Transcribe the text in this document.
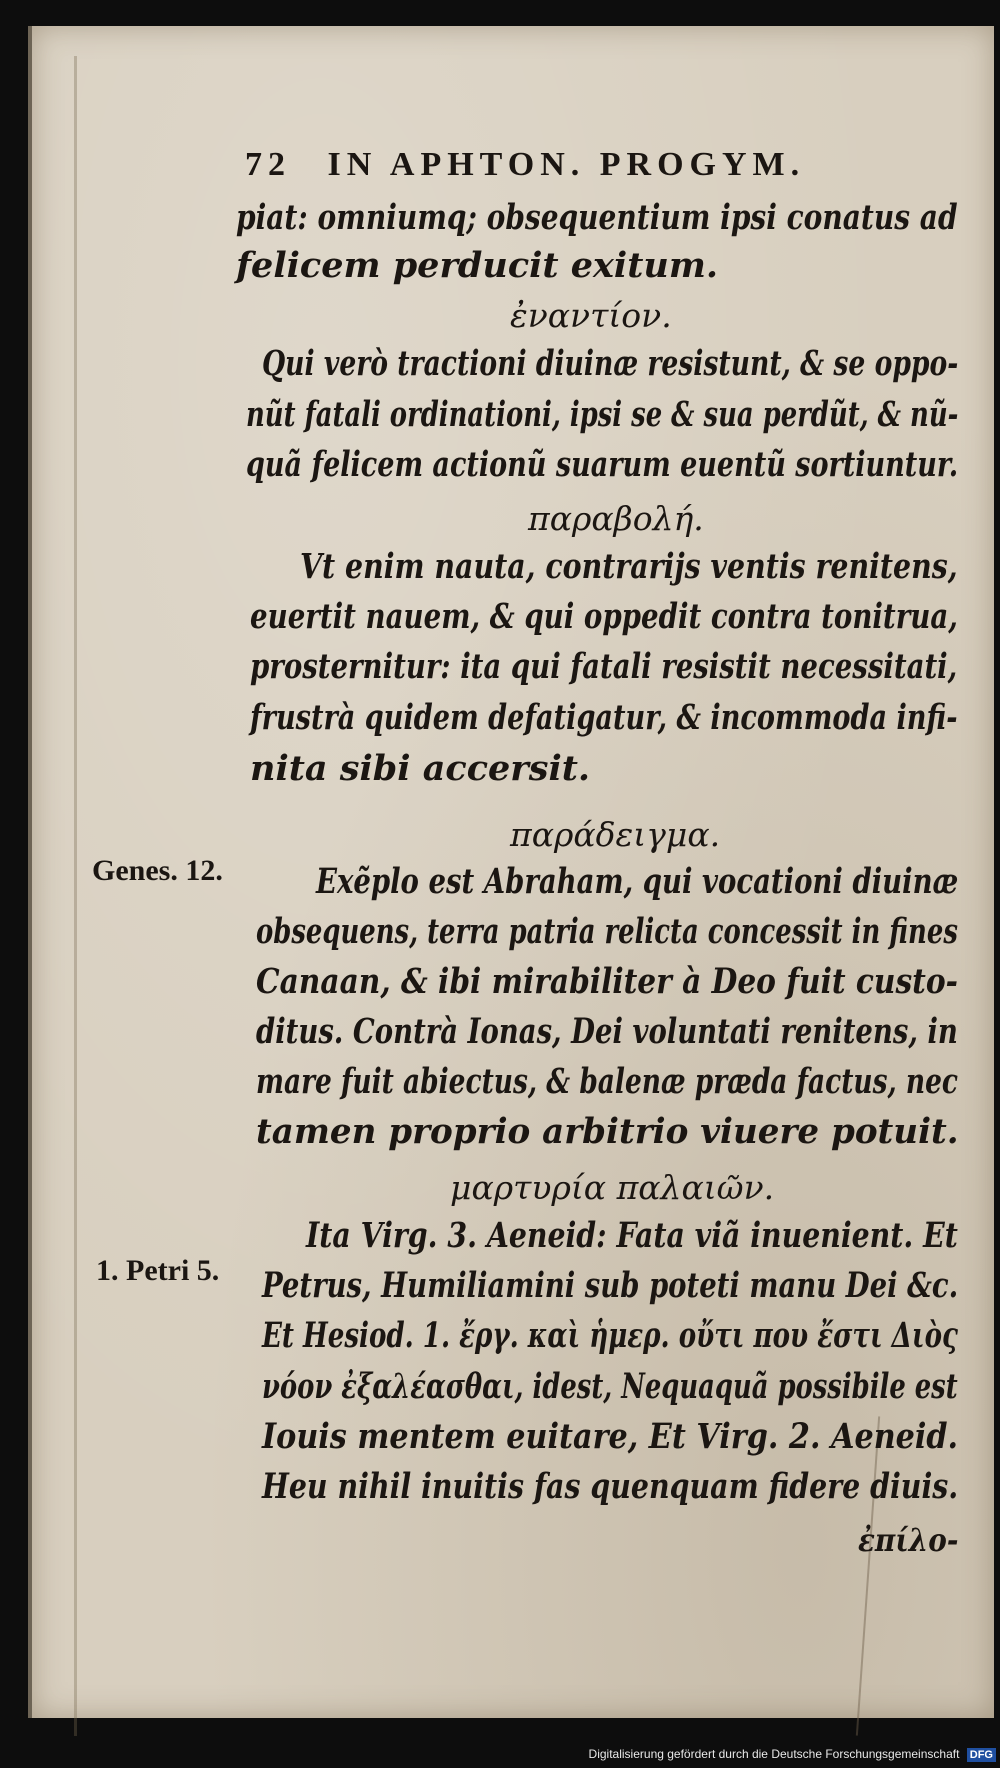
72 IN APHTON. PROGYM.
piat: omniumq; obsequentium ipsi conatus ad
felicem perducit exitum.
ἐναντίον.
Qui verò tractioni diuinæ resistunt, & se oppo-
nũt fatali ordinationi, ipsi se & sua perdũt, & nũ-
quã felicem actionũ suarum euentũ sortiuntur.
παραβολή.
Vt enim nauta, contrarijs ventis renitens,
euertit nauem, & qui oppedit contra tonitrua,
prosternitur: ita qui fatali resistit necessitati,
frustrà quidem defatigatur, & incommoda infi-
nita sibi accersit.
παράδειγμα.
Genes. 12.	Exẽplo est Abraham, qui vocationi diuinæ
obsequens, terra patria relicta concessit in fines
Canaan, & ibi mirabiliter à Deo fuit custo-
ditus. Contrà Ionas, Dei voluntati renitens, in
mare fuit abiectus, & balenæ præda factus, nec
tamen proprio arbitrio viuere potuit.
μαρτυρία παλαιῶν.
Ita Virg. 3. Aeneid: Fata viã inuenient. Et
1. Petri 5. Petrus, Humiliamini sub poteti manu Dei &c.
Et Hesiod. 1. ἔργ. καὶ ἡμερ. οὔτι που ἔστι Διὸς
νόον ἐξαλέασθαι, idest, Nequaquã possibile est
Iouis mentem euitare, Et Virg. 2. Aeneid.
Heu nihil inuitis fas quenquam fidere diuis.
ἐπίλο-
Digitalisierung gefördert durch die Deutsche Forschungsgemeinschaft DFG
